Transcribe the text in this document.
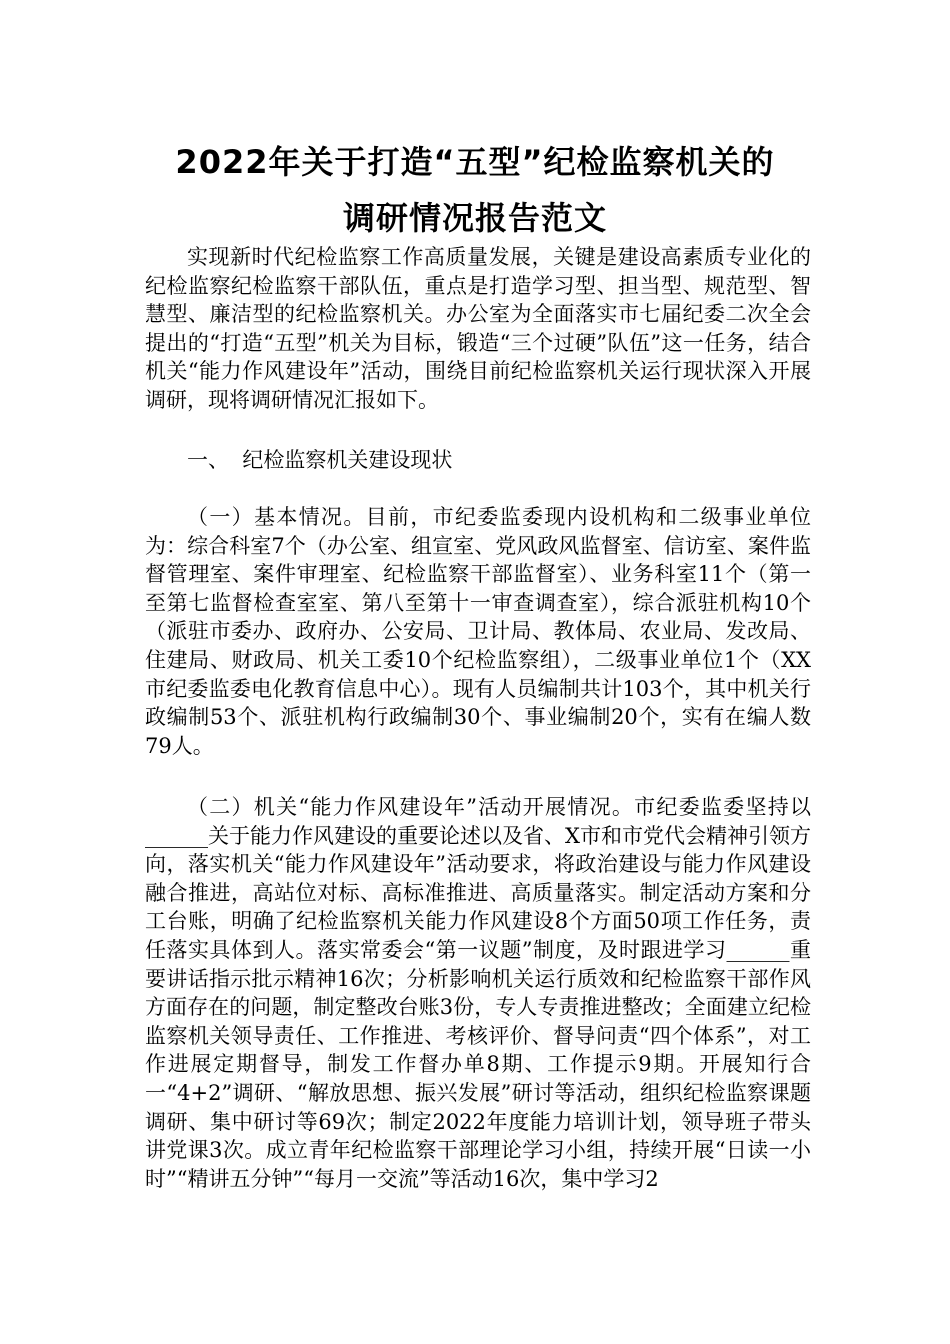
2022年关于打造“五型”纪检监察机关的
调研情况报告范文

实现新时代纪检监察工作高质量发展，关键是建设高素质专业化的纪检监察纪检监察干部队伍，重点是打造学习型、担当型、规范型、智慧型、廉洁型的纪检监察机关。办公室为全面落实市七届纪委二次全会提出的“打造“五型”机关为目标，锻造“三个过硬”队伍”这一任务，结合机关“能力作风建设年”活动，围绕目前纪检监察机关运行现状深入开展调研，现将调研情况汇报如下。

一、  纪检监察机关建设现状

（一）基本情况。目前，市纪委监委现内设机构和二级事业单位为：综合科室7个（办公室、组宣室、党风政风监督室、信访室、案件监督管理室、案件审理室、纪检监察干部监督室）、业务科室11个（第一至第七监督检查室室、第八至第十一审查调查室），综合派驻机构10个（派驻市委办、政府办、公安局、卫计局、教体局、农业局、发改局、住建局、财政局、机关工委10个纪检监察组），二级事业单位1个（XX市纪委监委电化教育信息中心）。现有人员编制共计103个，其中机关行政编制53个、派驻机构行政编制30个、事业编制20个，实有在编人数79人。

（二）机关“能力作风建设年”活动开展情况。市纪委监委坚持以______关于能力作风建设的重要论述以及省、X市和市党代会精神引领方向，落实机关“能力作风建设年”活动要求，将政治建设与能力作风建设融合推进，高站位对标、高标准推进、高质量落实。制定活动方案和分工台账，明确了纪检监察机关能力作风建设8个方面50项工作任务，责任落实具体到人。落实常委会“第一议题”制度，及时跟进学习______重要讲话指示批示精神16次；分析影响机关运行质效和纪检监察干部作风方面存在的问题，制定整改台账3份，专人专责推进整改；全面建立纪检监察机关领导责任、工作推进、考核评价、督导问责“四个体系”，对工作进展定期督导，制发工作督办单8期、工作提示9期。开展知行合一“4+2”调研、“解放思想、振兴发展”研讨等活动，组织纪检监察课题调研、集中研讨等69次；制定2022年度能力培训计划，领导班子带头讲党课3次。成立青年纪检监察干部理论学习小组，持续开展“日读一小时”“精讲五分钟”“每月一交流”等活动16次，集中学习2
